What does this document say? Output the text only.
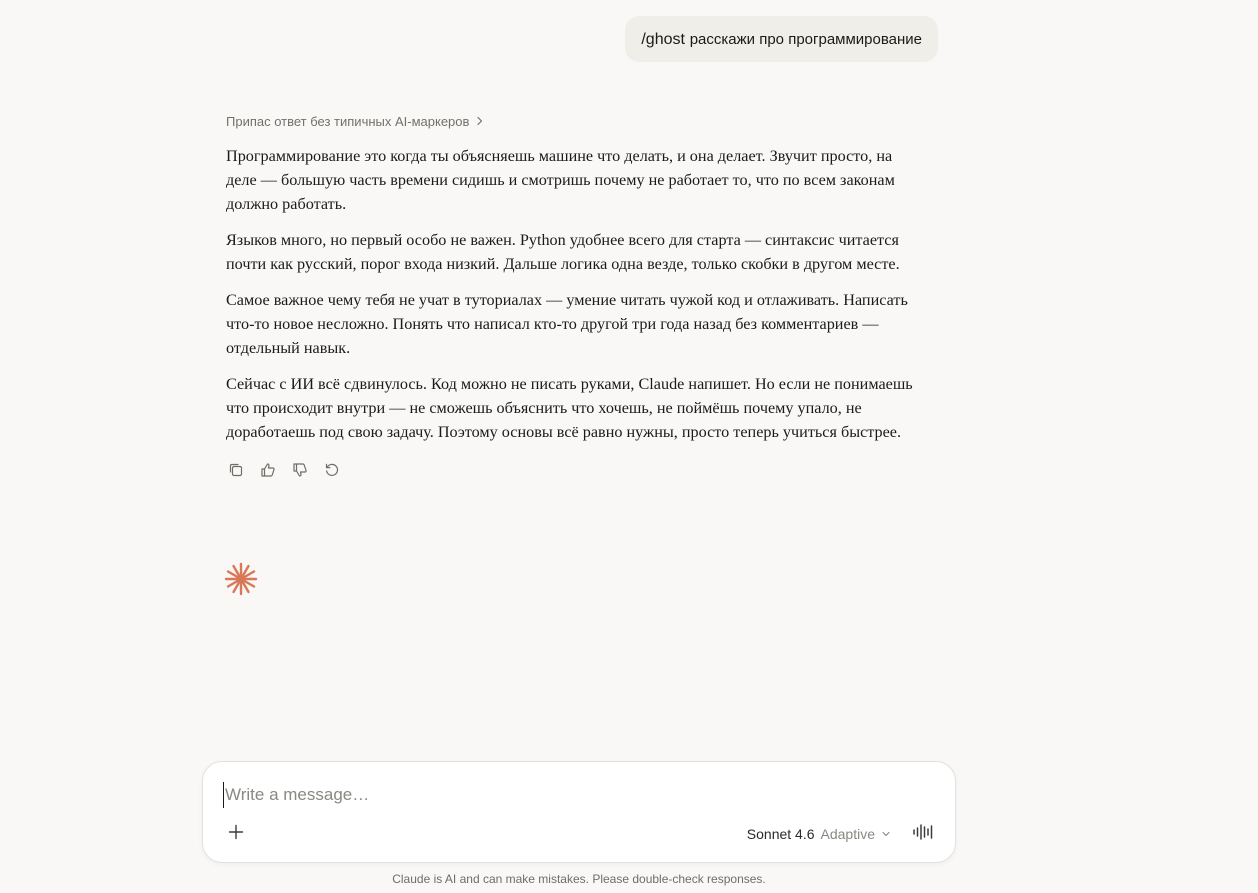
/ghost расскажи про программирование
Припас ответ без типичных AI-маркеров

Программирование это когда ты объясняешь машине что делать, и она делает. Звучит просто, на деле — большую часть времени сидишь и смотришь почему не работает то, что по всем законам должно работать.

Языков много, но первый особо не важен. Python удобнее всего для старта — синтаксис читается почти как русский, порог входа низкий. Дальше логика одна везде, только скобки в другом месте.

Самое важное чему тебя не учат в туториалах — умение читать чужой код и отлаживать. Написать что-то новое несложно. Понять что написал кто-то другой три года назад без комментариев — отдельный навык.

Сейчас с ИИ всё сдвинулось. Код можно не писать руками, Claude напишет. Но если не понимаешь что происходит внутри — не сможешь объяснить что хочешь, не поймёшь почему упало, не доработаешь под свою задачу. Поэтому основы всё равно нужны, просто теперь учиться быстрее.

Write a message…
Sonnet 4.6 Adaptive
Claude is AI and can make mistakes. Please double-check responses.
